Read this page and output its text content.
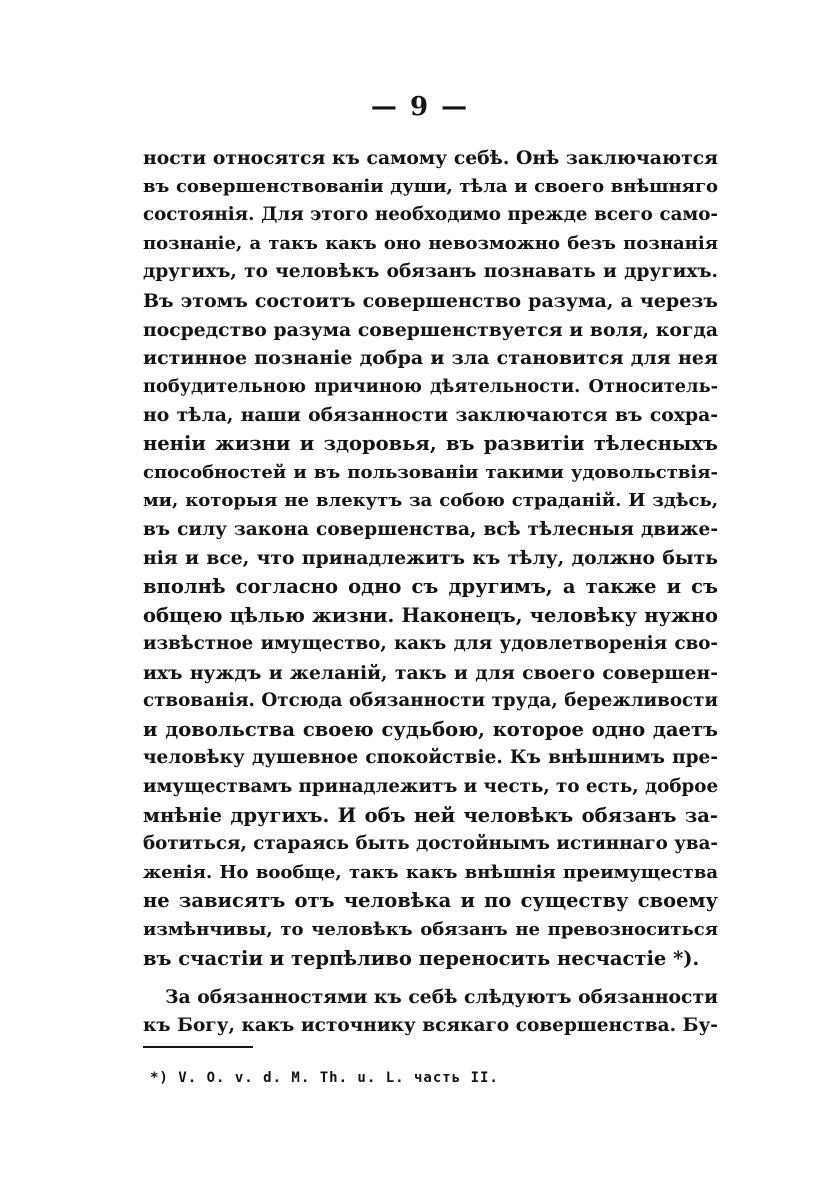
— 9 —
ности относятся къ самому себѣ. Онѣ заключаются
въ совершенствованіи души, тѣла и своего внѣшняго
состоянія. Для этого необходимо прежде всего само-
познаніе, а такъ какъ оно невозможно безъ познанія
другихъ, то человѣкъ обязанъ познавать и другихъ.
Въ этомъ состоитъ совершенство разума, а черезъ
посредство разума совершенствуется и воля, когда
истинное познаніе добра и зла становится для нея
побудительною причиною дѣятельности. Относитель-
но тѣла, наши обязанности заключаются въ сохра-
неніи жизни и здоровья, въ развитіи тѣлесныхъ
способностей и въ пользованіи такими удовольствія-
ми, которыя не влекутъ за собою страданій. И здѣсь,
въ силу закона совершенства, всѣ тѣлесныя движе-
нія и все, что принадлежитъ къ тѣлу, должно быть
вполнѣ согласно одно съ другимъ, а также и съ
общею цѣлью жизни. Наконецъ, человѣку нужно
извѣстное имущество, какъ для удовлетворенія сво-
ихъ нуждъ и желаній, такъ и для своего совершен-
ствованія. Отсюда обязанности труда, бережливости
и довольства своею судьбою, которое одно даетъ
человѣку душевное спокойствіе. Къ внѣшнимъ пре-
имуществамъ принадлежитъ и честь, то есть, доброе
мнѣніе другихъ. И объ ней человѣкъ обязанъ за-
ботиться, стараясь быть достойнымъ истиннаго ува-
женія. Но вообще, такъ какъ внѣшнія преимущества
не зависятъ отъ человѣка и по существу своему
измѣнчивы, то человѣкъ обязанъ не превозноситься
въ счастіи и терпѣливо переносить несчастіе *).
За обязанностями къ себѣ слѣдуютъ обязанности
къ Богу, какъ источнику всякаго совершенства. Бу-
*) V. O. v. d. M. Th. u. L. часть II.
